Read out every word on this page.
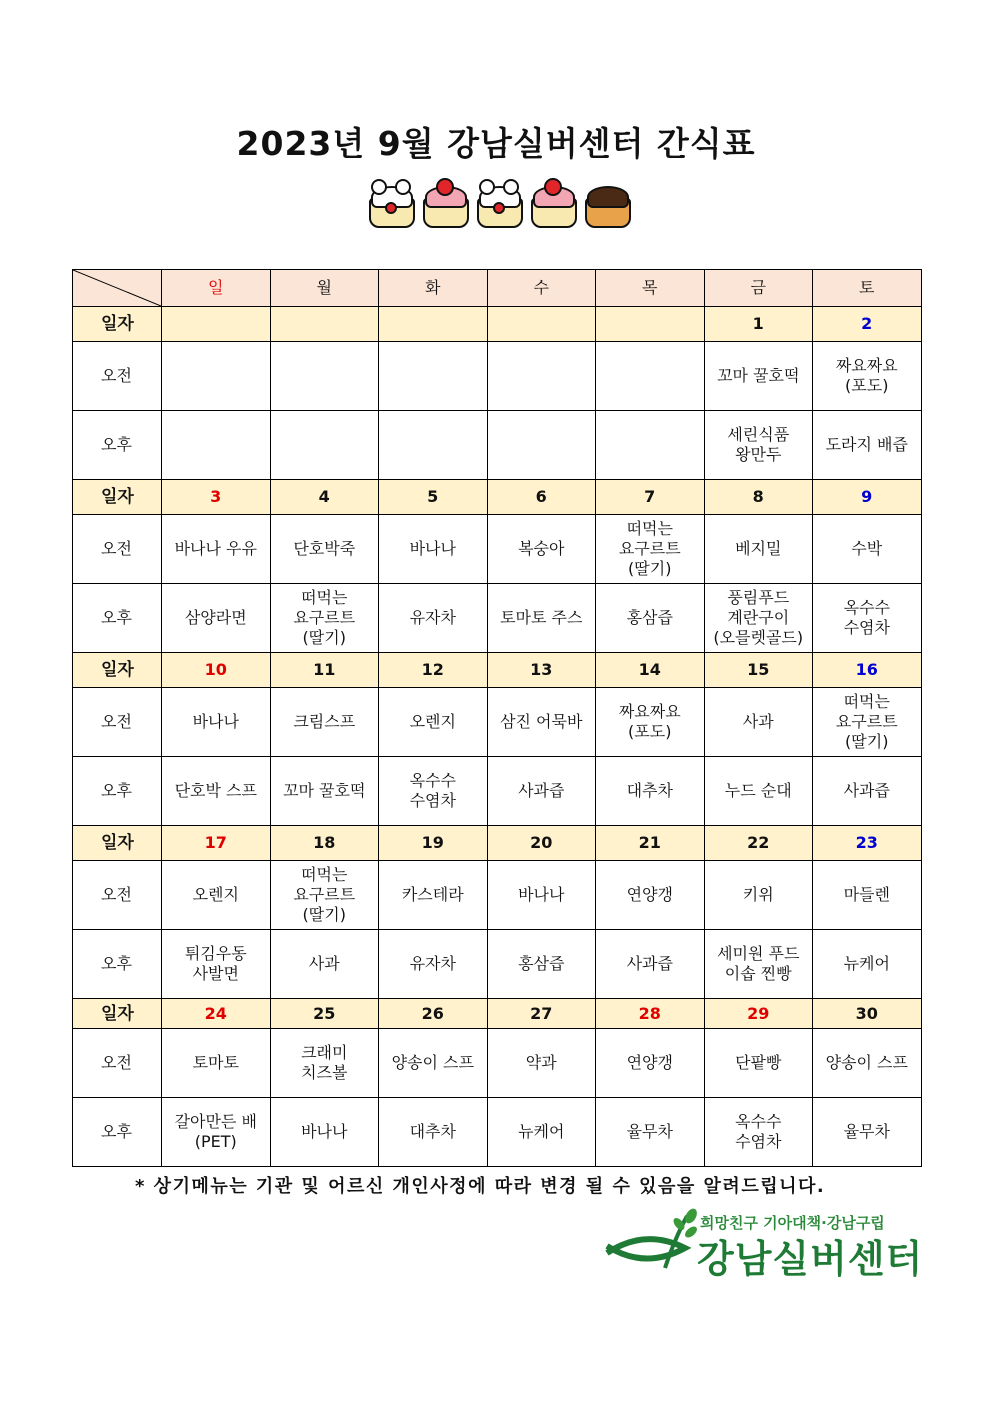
2023년 9월 강남실버센터 간식표
	일	월	화	수	목	금	토
일자						1	2
오전						꼬마 꿀호떡	짜요짜요
(포도)
오후						세린식품
왕만두	도라지 배즙
일자	3	4	5	6	7	8	9
오전	바나나 우유	단호박죽	바나나	복숭아	떠먹는
요구르트
(딸기)	베지밀	수박
오후	삼양라면	떠먹는
요구르트
(딸기)	유자차	토마토 주스	홍삼즙	풍림푸드
계란구이
(오믈렛골드)	옥수수
수염차
일자	10	11	12	13	14	15	16
오전	바나나	크림스프	오렌지	삼진 어묵바	짜요짜요
(포도)	사과	떠먹는
요구르트
(딸기)
오후	단호박 스프	꼬마 꿀호떡	옥수수
수염차	사과즙	대추차	누드 순대	사과즙
일자	17	18	19	20	21	22	23
오전	오렌지	떠먹는
요구르트
(딸기)	카스테라	바나나	연양갱	키위	마들렌
오후	튀김우동
사발면	사과	유자차	홍삼즙	사과즙	세미원 푸드
이솝 찐빵	뉴케어
일자	24	25	26	27	28	29	30
오전	토마토	크래미
치즈볼	양송이 스프	약과	연양갱	단팥빵	양송이 스프
오후	갈아만든 배
(PET)	바나나	대추차	뉴케어	율무차	옥수수
수염차	율무차
* 상기메뉴는 기관 및 어르신 개인사정에 따라 변경 될 수 있음을 알려드립니다.
희망친구 기아대책·강남구립
강남실버센터
